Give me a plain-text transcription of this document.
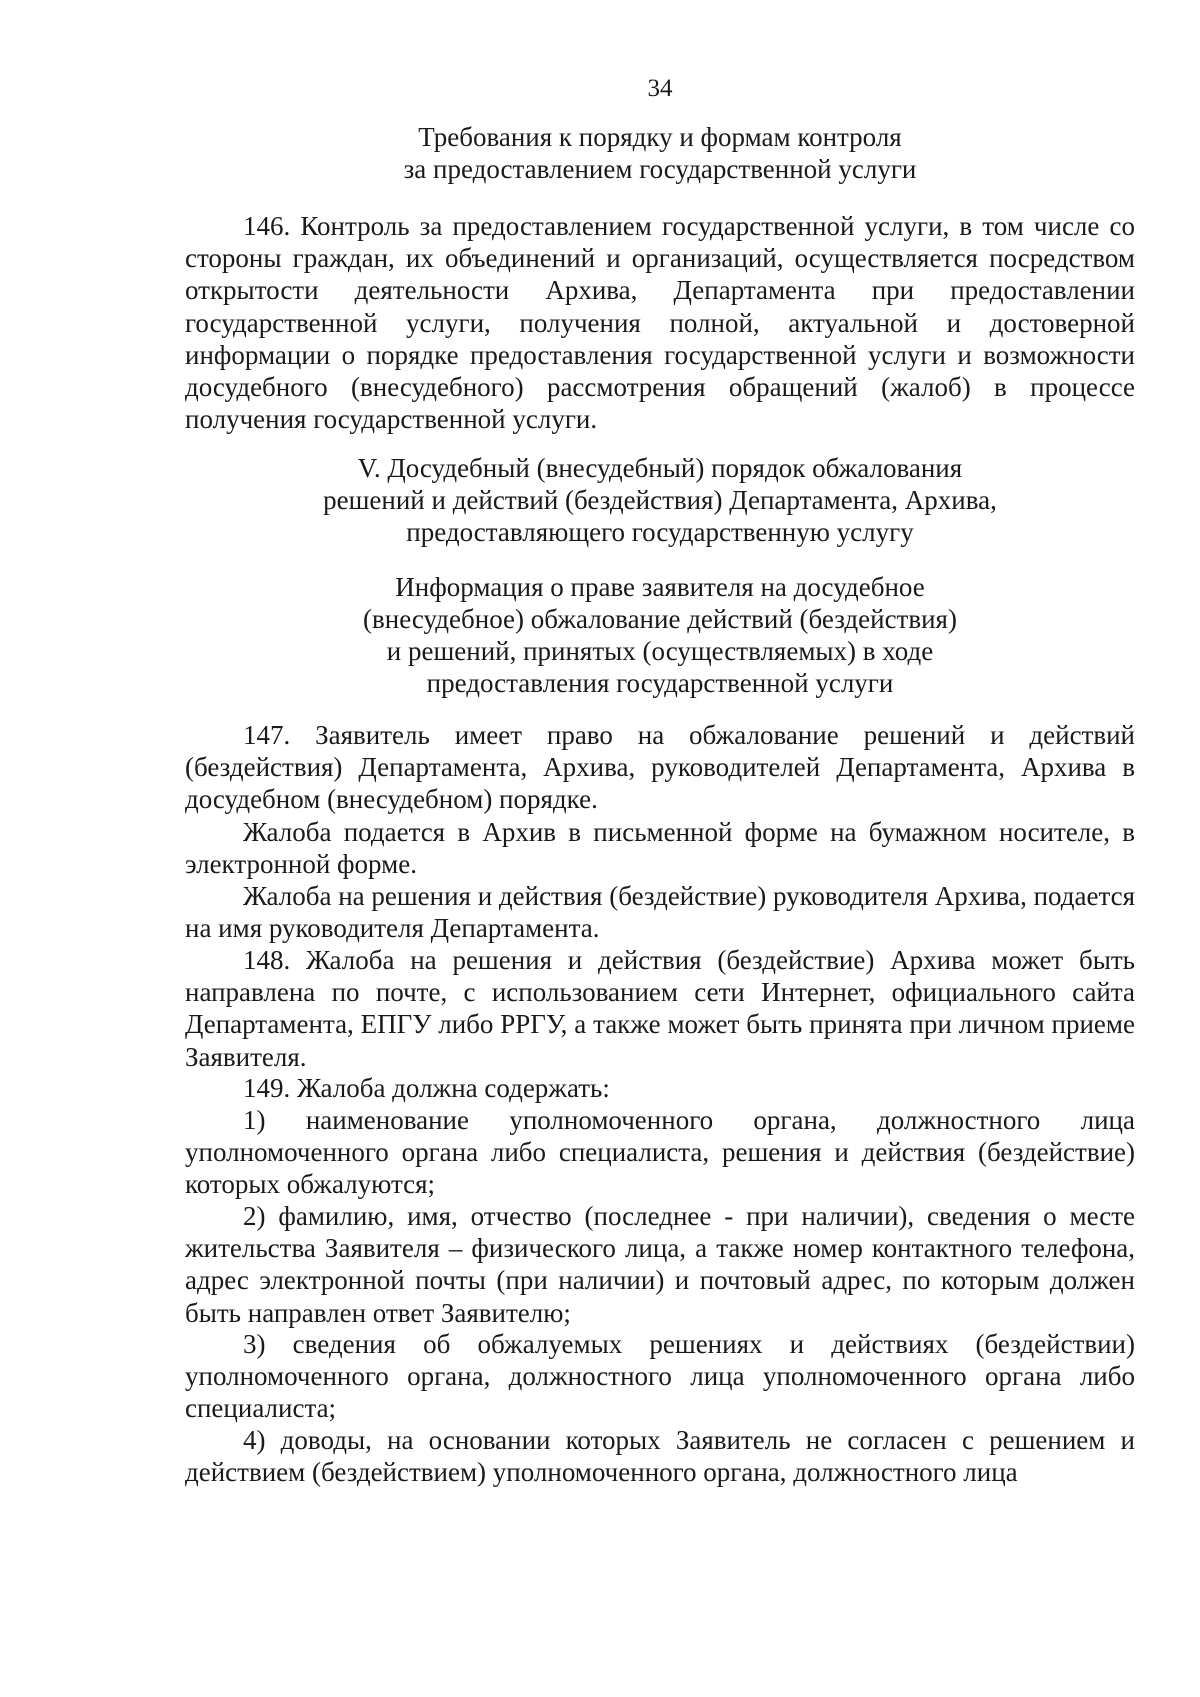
34
Требования к порядку и формам контроля
за предоставлением государственной услуги

146. Контроль за предоставлением государственной услуги, в том числе со стороны граждан, их объединений и организаций, осуществляется посредством открытости деятельности Архива, Департамента при предоставлении государственной услуги, получения полной, актуальной и достоверной информации о порядке предоставления государственной услуги и возможности досудебного (внесудебного) рассмотрения обращений (жалоб) в процессе получения государственной услуги.

V. Досудебный (внесудебный) порядок обжалования
решений и действий (бездействия) Департамента, Архива,
предоставляющего государственную услугу
Информация о праве заявителя на досудебное
(внесудебное) обжалование действий (бездействия)
и решений, принятых (осуществляемых) в ходе
предоставления государственной услуги

147. Заявитель имеет право на обжалование решений и действий (бездействия) Департамента, Архива, руководителей Департамента, Архива в досудебном (внесудебном) порядке.

Жалоба подается в Архив в письменной форме на бумажном носителе, в электронной форме.

Жалоба на решения и действия (бездействие) руководителя Архива, подается на имя руководителя Департамента.

148. Жалоба на решения и действия (бездействие) Архива может быть направлена по почте, с использованием сети Интернет, официального сайта Департамента, ЕПГУ либо РРГУ, а также может быть принята при личном приеме Заявителя.

149. Жалоба должна содержать:

1) наименование уполномоченного органа, должностного лица уполномоченного органа либо специалиста, решения и действия (бездействие) которых обжалуются;

2) фамилию, имя, отчество (последнее - при наличии), сведения о месте жительства Заявителя – физического лица, а также номер контактного телефона, адрес электронной почты (при наличии) и почтовый адрес, по которым должен быть направлен ответ Заявителю;

3) сведения об обжалуемых решениях и действиях (бездействии) уполномоченного органа, должностного лица уполномоченного органа либо специалиста;

4) доводы, на основании которых Заявитель не согласен с решением и действием (бездействием) уполномоченного органа, должностного лица
